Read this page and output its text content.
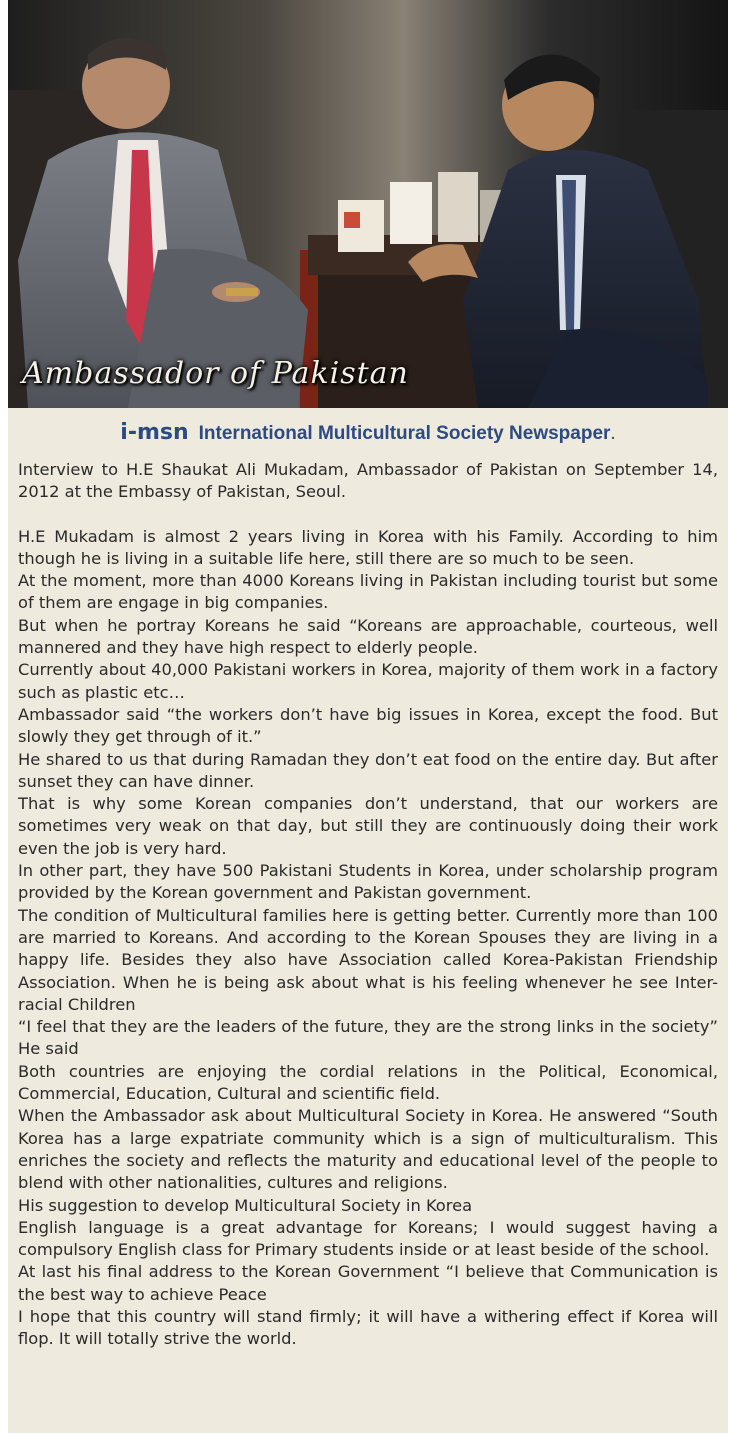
Ambassador of Pakistan
i-msn International Multicultural Society Newspaper.

Interview to H.E Shaukat Ali Mukadam, Ambassador of Pakistan on September 14, 2012 at the Embassy of Pakistan, Seoul.

H.E Mukadam is almost 2 years living in Korea with his Family. According to him though he is living in a suitable life here, still there are so much to be seen.

At the moment, more than 4000 Koreans living in Pakistan including tourist but some of them are engage in big companies.

But when he portray Koreans he said “Koreans are approachable, courteous, well mannered and they have high respect to elderly people.

Currently about 40,000 Pakistani workers in Korea, majority of them work in a factory such as plastic etc…

Ambassador said “the workers don’t have big issues in Korea, except the food. But slowly they get through of it.”

He shared to us that during Ramadan they don’t eat food on the entire day. But after sunset they can have dinner.

That is why some Korean companies don’t understand, that our workers are sometimes very weak on that day, but still they are continuously doing their work even the job is very hard.

In other part, they have 500 Pakistani Students in Korea, under scholarship program provided by the Korean government and Pakistan government.

The condition of Multicultural families here is getting better. Currently more than 100 are married to Koreans. And according to the Korean Spouses they are living in a happy life. Besides they also have Association called Korea-Pakistan Friendship Association. When he is being ask about what is his feeling whenever he see Inter-racial Children

“I feel that they are the leaders of the future, they are the strong links in the society” He said

Both countries are enjoying the cordial relations in the Political, Economical, Commercial, Education, Cultural and scientific field.

When the Ambassador ask about Multicultural Society in Korea. He answered “South Korea has a large expatriate community which is a sign of multiculturalism. This enriches the society and reflects the maturity and educational level of the people to blend with other nationalities, cultures and religions.

His suggestion to develop Multicultural Society in Korea

English language is a great advantage for Koreans; I would suggest having a compulsory English class for Primary students inside or at least beside of the school.

At last his final address to the Korean Government “I believe that Communication is the best way to achieve Peace

I hope that this country will stand firmly; it will have a withering effect if Korea will flop. It will totally strive the world.
